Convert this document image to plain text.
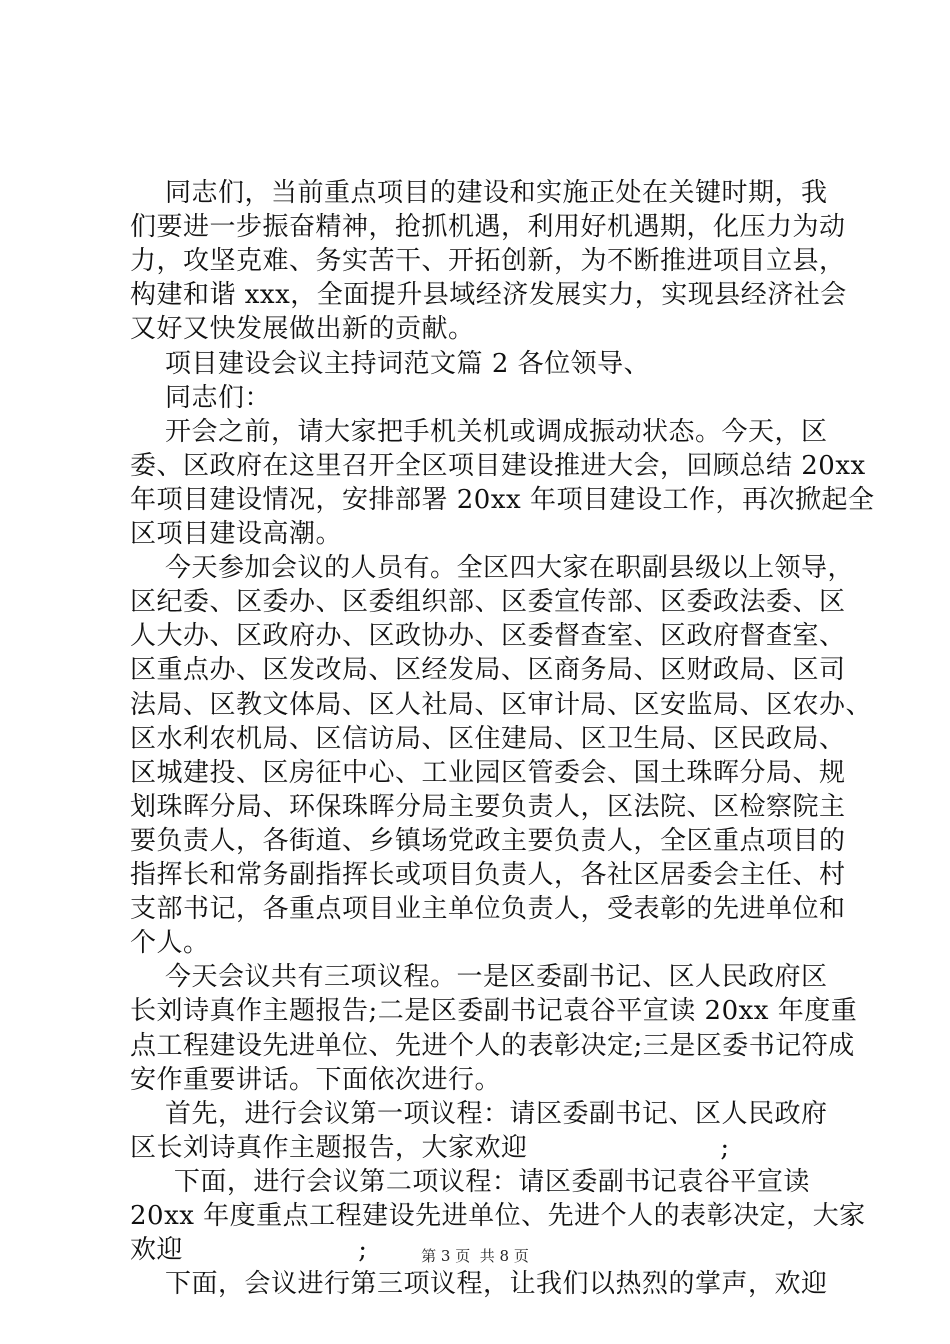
同志们，当前重点项目的建设和实施正处在关键时期，我
们要进一步振奋精神，抢抓机遇，利用好机遇期，化压力为动
力，攻坚克难、务实苦干、开拓创新，为不断推进项目立县，
构建和谐 xxx，全面提升县域经济发展实力，实现县经济社会
又好又快发展做出新的贡献。
项目建设会议主持词范文篇 2 各位领导、
同志们：
开会之前，请大家把手机关机或调成振动状态。今天，区
委、区政府在这里召开全区项目建设推进大会，回顾总结 20xx
年项目建设情况，安排部署 20xx 年项目建设工作，再次掀起全
区项目建设高潮。
今天参加会议的人员有。全区四大家在职副县级以上领导，
区纪委、区委办、区委组织部、区委宣传部、区委政法委、区
人大办、区政府办、区政协办、区委督查室、区政府督查室、
区重点办、区发改局、区经发局、区商务局、区财政局、区司
法局、区教文体局、区人社局、区审计局、区安监局、区农办、
区水利农机局、区信访局、区住建局、区卫生局、区民政局、
区城建投、区房征中心、工业园区管委会、国土珠晖分局、规
划珠晖分局、环保珠晖分局主要负责人，区法院、区检察院主
要负责人，各街道、乡镇场党政主要负责人，全区重点项目的
指挥长和常务副指挥长或项目负责人，各社区居委会主任、村
支部书记，各重点项目业主单位负责人，受表彰的先进单位和
个人。
今天会议共有三项议程。一是区委副书记、区人民政府区
长刘诗真作主题报告;二是区委副书记袁谷平宣读 20xx 年度重
点工程建设先进单位、先进个人的表彰决定;三是区委书记符成
安作重要讲话。下面依次进行。
首先，进行会议第一项议程：请区委副书记、区人民政府
区长刘诗真作主题报告，大家欢迎                      ;
下面，进行会议第二项议程：请区委副书记袁谷平宣读
20xx 年度重点工程建设先进单位、先进个人的表彰决定，大家
欢迎                    ;
下面，会议进行第三项议程，让我们以热烈的掌声，欢迎
第 3 页  共 8 页
